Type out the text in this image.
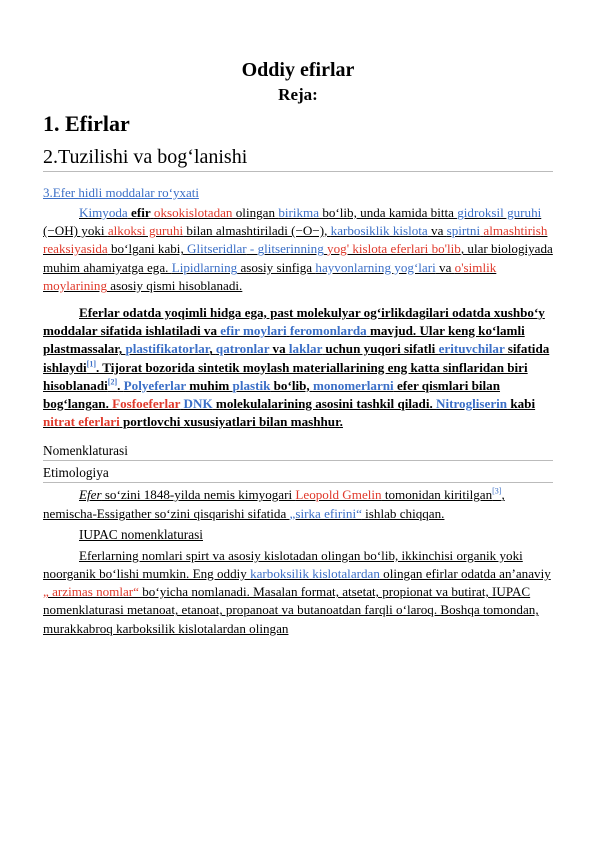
Oddiy efirlar
Reja:
1. Efirlar
2.Tuzilishi va bog‘lanishi
3.Efer hidli moddalar ro‘yxati

Kimyoda efir oksokislotadan olingan birikma bo‘lib, unda kamida bitta gidroksil guruhi (−OH) yoki alkoksi guruhi bilan almashtiriladi (−O−), karbosiklik kislota va spirtni almashtirish reaksiyasida bo‘lgani kabi, Glitseridlar - glitserinning yog' kislota eferlari bo'lib, ular biologiyada muhim ahamiyatga ega. Lipidlarning asosiy sinfiga hayvonlarning yog‘lari va o'simlik moylarining asosiy qismi hisoblanadi.

Eferlar odatda yoqimli hidga ega, past molekulyar og‘irlikdagilari odatda xushbo‘y moddalar sifatida ishlatiladi va efir moylari feromonlarda mavjud. Ular keng ko‘lamli plastmassalar, plastifikatorlar, qatronlar va laklar uchun yuqori sifatli erituvchilar sifatida ishlaydi[1]. Tijorat bozorida sintetik moylash materiallarining eng katta sinflaridan biri hisoblanadi[2]. Polyeferlar muhim plastik bo‘lib, monomerlarni efer qismlari bilan bog‘langan. Fosfoeferlar DNK molekulalarining asosini tashkil qiladi. Nitrogliserin kabi nitrat eferlari portlovchi xususiyatlari bilan mashhur.

Nomenklaturasi
Etimologiya

Efer so‘zini 1848-yilda nemis kimyogari Leopold Gmelin tomonidan kiritilgan[3], nemischa-Essigather so‘zini qisqarishi sifatida „sirka efirini“ ishlab chiqqan.

IUPAC nomenklaturasi

Eferlarning nomlari spirt va asosiy kislotadan olingan bo‘lib, ikkinchisi organik yoki noorganik bo‘lishi mumkin. Eng oddiy karboksilik kislotalardan olingan efirlar odatda an’anaviy „ arzimas nomlar“ bo‘yicha nomlanadi. Masalan format, atsetat, propionat va butirat, IUPAC nomenklaturasi metanoat, etanoat, propanoat va butanoatdan farqli o‘laroq. Boshqa tomondan, murakkabroq karboksilik kislotalardan olingan
